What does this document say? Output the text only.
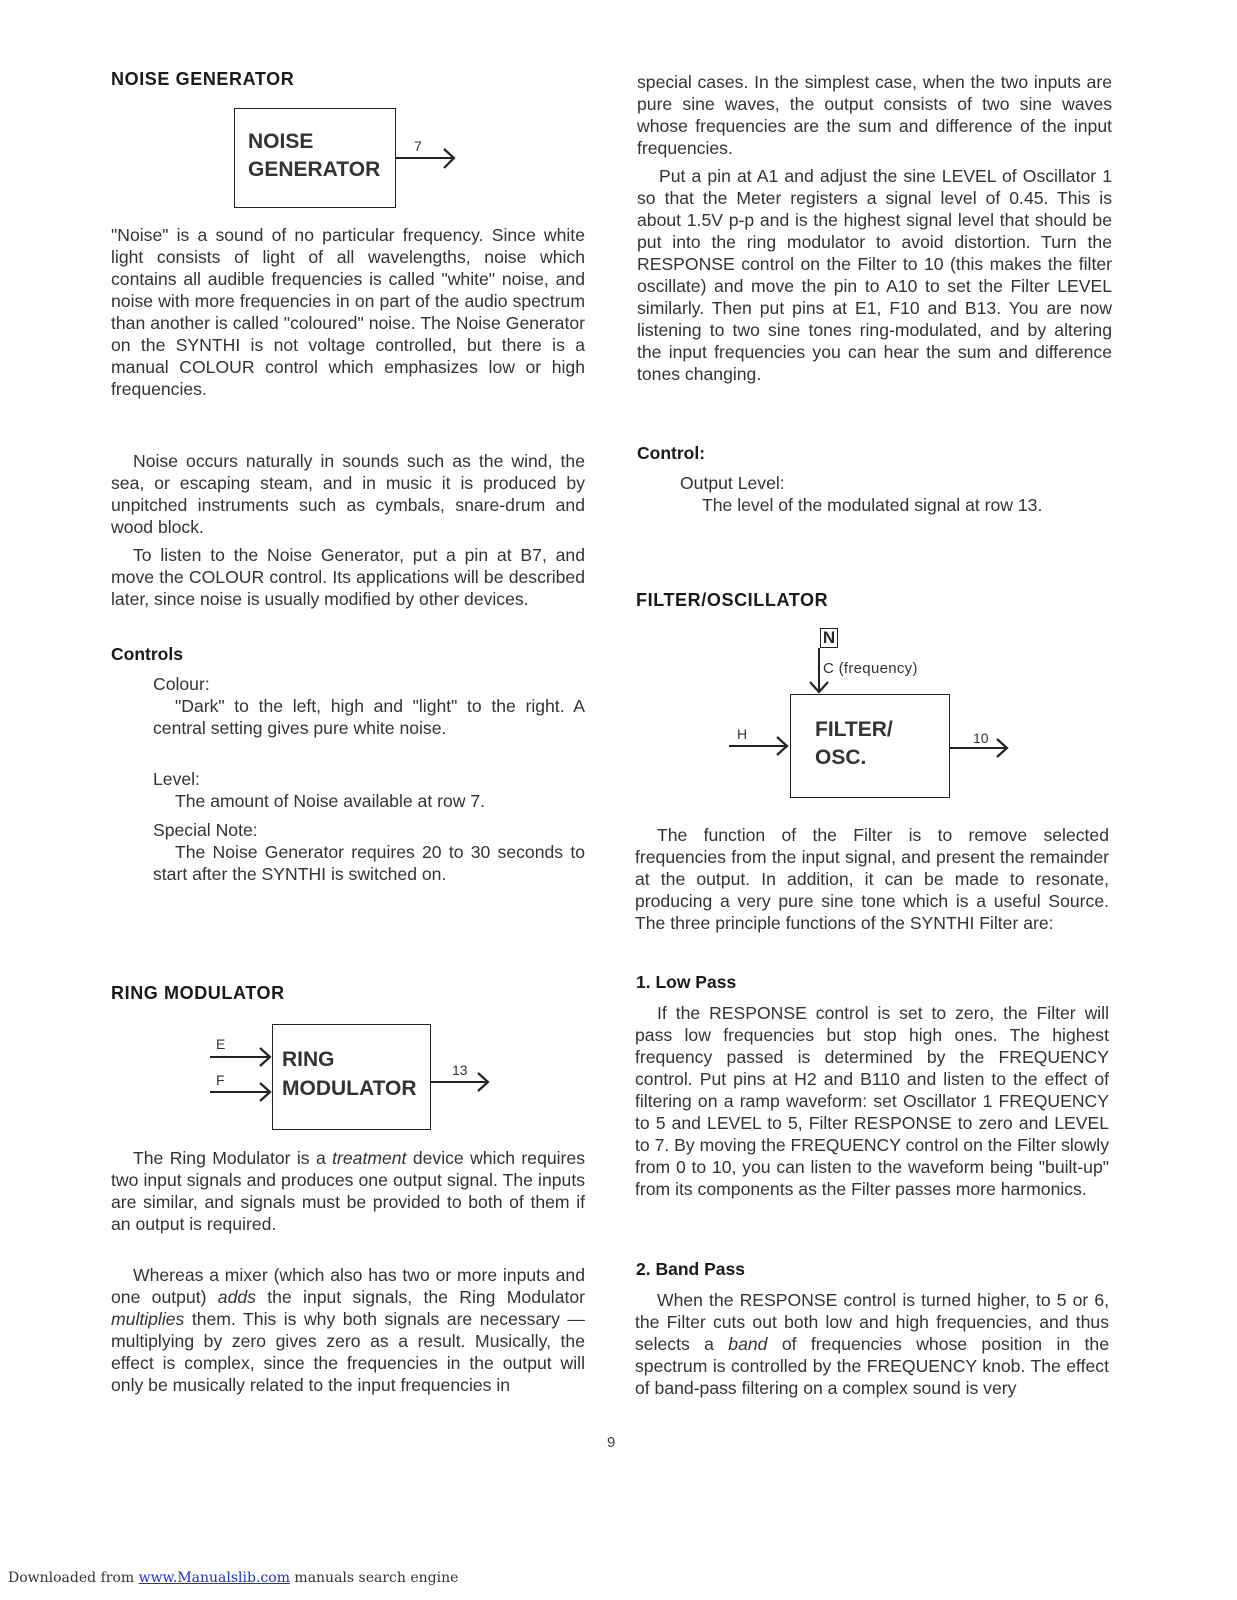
NOISE GENERATOR
NOISE
GENERATOR
7
"Noise" is a sound of no particular frequency. Since white light consists of light of all wavelengths, noise which contains all audible frequencies is called "white" noise, and noise with more frequencies in on part of the audio spectrum than another is called "coloured" noise. The Noise Generator on the SYNTHI is not voltage controlled, but there is a manual COLOUR control which emphasizes low or high frequencies.
Noise occurs naturally in sounds such as the wind, the sea, or escaping steam, and in music it is produced by unpitched instruments such as cymbals, snare-drum and wood block.
To listen to the Noise Generator, put a pin at B7, and move the COLOUR control. Its applications will be described later, since noise is usually modified by other devices.
Controls
Colour:
"Dark" to the left, high and "light" to the right. A central setting gives pure white noise.
Level:
The amount of Noise available at row 7.
Special Note:
The Noise Generator requires 20 to 30 seconds to start after the SYNTHI is switched on.
RING MODULATOR
E
F
RING
MODULATOR
13
The Ring Modulator is a treatment device which requires two input signals and produces one output signal. The inputs are similar, and signals must be provided to both of them if an output is required.
Whereas a mixer (which also has two or more inputs and one output) adds the input signals, the Ring Modulator multiplies them. This is why both signals are necessary — multiplying by zero gives zero as a result. Musically, the effect is complex, since the frequencies in the output will only be musically related to the input frequencies in
special cases. In the simplest case, when the two inputs are pure sine waves, the output consists of two sine waves whose frequencies are the sum and difference of the input frequencies.
Put a pin at A1 and adjust the sine LEVEL of Oscillator 1 so that the Meter registers a signal level of 0.45. This is about 1.5V p-p and is the highest signal level that should be put into the ring modulator to avoid distortion. Turn the RESPONSE control on the Filter to 10 (this makes the filter oscillate) and move the pin to A10 to set the Filter LEVEL similarly. Then put pins at E1, F10 and B13. You are now listening to two sine tones ring-modulated, and by altering the input frequencies you can hear the sum and difference tones changing.
Control:
Output Level:
The level of the modulated signal at row 13.
FILTER/OSCILLATOR
N
C (frequency)
FILTER/
OSC.
H	10
The function of the Filter is to remove selected frequencies from the input signal, and present the remainder at the output. In addition, it can be made to resonate, producing a very pure sine tone which is a useful Source. The three principle functions of the SYNTHI Filter are:
1. Low Pass
If the RESPONSE control is set to zero, the Filter will pass low frequencies but stop high ones. The highest frequency passed is determined by the FREQUENCY control. Put pins at H2 and B110 and listen to the effect of filtering on a ramp waveform: set Oscillator 1 FREQUENCY to 5 and LEVEL to 5, Filter RESPONSE to zero and LEVEL to 7. By moving the FREQUENCY control on the Filter slowly from 0 to 10, you can listen to the waveform being "built-up" from its components as the Filter passes more harmonics.
2. Band Pass
When the RESPONSE control is turned higher, to 5 or 6, the Filter cuts out both low and high frequencies, and thus selects a band of frequencies whose position in the spectrum is controlled by the FREQUENCY knob. The effect of band-pass filtering on a complex sound is very
9
Downloaded from www.Manualslib.com manuals search engine
